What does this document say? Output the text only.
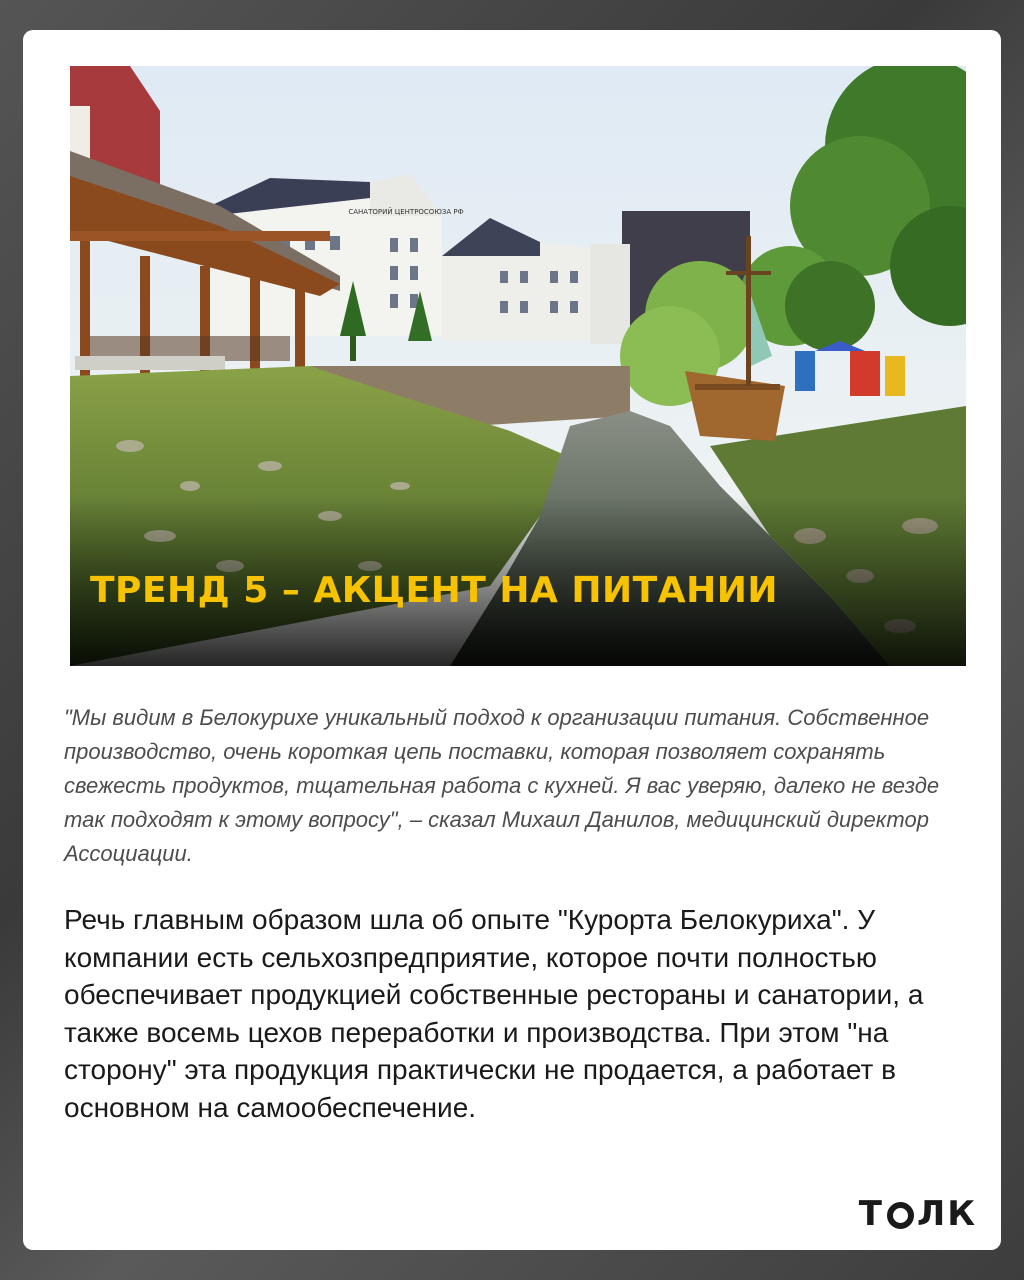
САНАТОРИЙ ЦЕНТРОСОЮЗА РФ
ТРЕНД 5 – АКЦЕНТ НА ПИТАНИИ

"Мы видим в Белокурихе уникальный подход к организации питания. Собственное производство, очень короткая цепь поставки, которая позволяет сохранять свежесть продуктов, тщательная работа с кухней. Я вас уверяю, далеко не везде так подходят к этому вопросу", – сказал Михаил Данилов, медицинский директор Ассоциации.

Речь главным образом шла об опыте "Курорта Белокуриха". У компании есть сельхозпредприятие, которое почти полностью обеспечивает продукцией собственные рестораны и санатории, а также восемь цехов переработки и производства. При этом "на сторону" эта продукция практически не продается, а работает в основном на самообеспечение.

Т ЛК
